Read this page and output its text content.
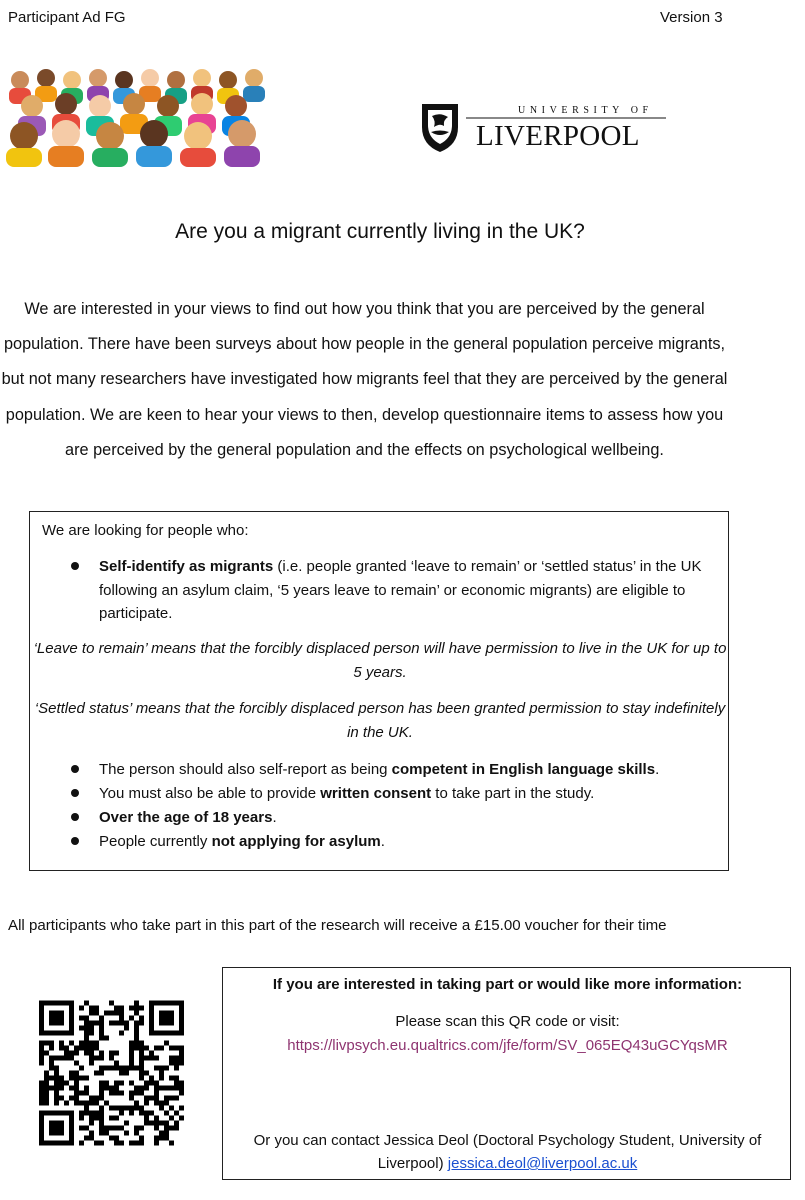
Participant Ad FG	Version 3
UNIVERSITY OF
LIVERPOOL
Are you a migrant currently living in the UK?
We are interested in your views to find out how you think that you are perceived by the general population. There have been surveys about how people in the general population perceive migrants, but not many researchers have investigated how migrants feel that they are perceived by the general population. We are keen to hear your views to then, develop questionnaire items to assess how you are perceived by the general population and the effects on psychological wellbeing.
We are looking for people who:
Self-identify as migrants (i.e. people granted ‘leave to remain’ or ‘settled status’ in the UK following an asylum claim, ‘5 years leave to remain’ or economic migrants) are eligible to participate.
‘Leave to remain’ means that the forcibly displaced person will have permission to live in the UK for up to 5 years.
‘Settled status’ means that the forcibly displaced person has been granted permission to stay indefinitely in the UK.
The person should also self-report as being competent in English language skills.
You must also be able to provide written consent to take part in the study.
Over the age of 18 years.
People currently not applying for asylum.
All participants who take part in this part of the research will receive a £15.00 voucher for their time
If you are interested in taking part or would like more information:
Please scan this QR code or visit:
https://livpsych.eu.qualtrics.com/jfe/form/SV_065EQ43uGCYqsMR
Or you can contact Jessica Deol (Doctoral Psychology Student, University of Liverpool) jessica.deol@liverpool.ac.uk
